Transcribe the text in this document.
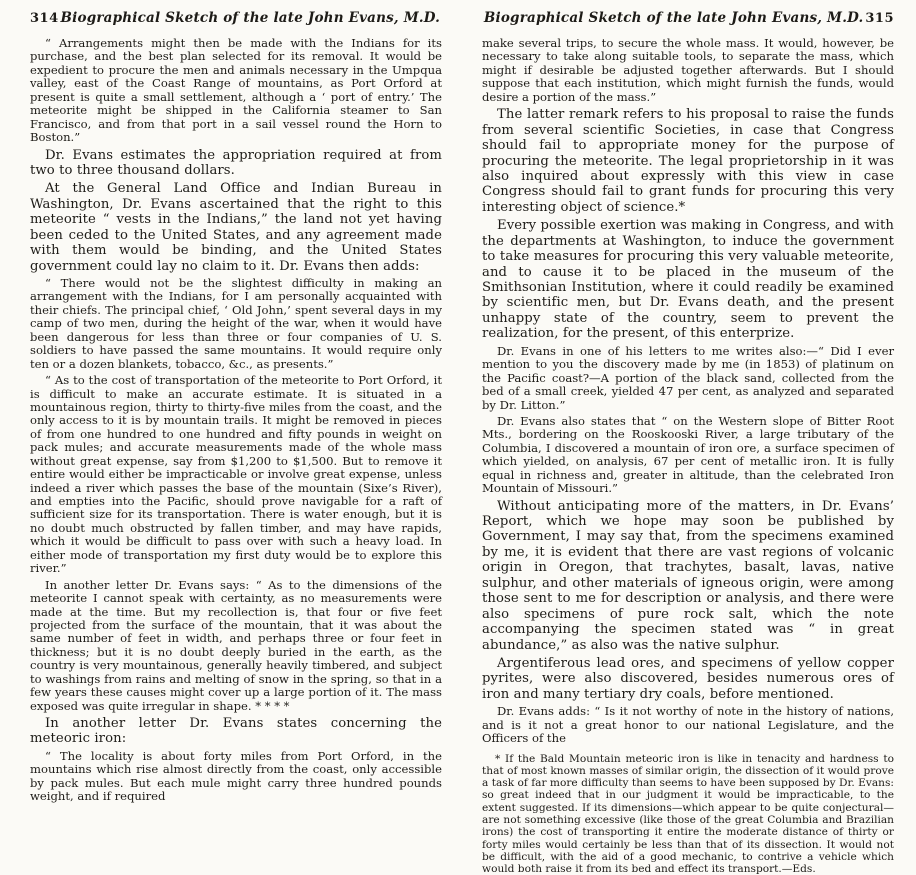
314 Biographical Sketch of the late John Evans, M.D.

“ Arrangements might then be made with the Indians for its purchase, and the best plan selected for its removal. It would be expedient to procure the men and animals necessary in the Umpqua valley, east of the Coast Range of mountains, as Port Orford at present is quite a small settlement, although a ‘ port of entry.’ The meteorite might be shipped in the California steamer to San Francisco, and from that port in a sail vessel round the Horn to Boston.”

Dr. Evans estimates the appropriation required at from two to three thousand dollars.

At the General Land Office and Indian Bureau in Washington, Dr. Evans ascertained that the right to this meteorite “ vests in the Indians,” the land not yet having been ceded to the United States, and any agreement made with them would be binding, and the United States government could lay no claim to it. Dr. Evans then adds:

“ There would not be the slightest difficulty in making an arrangement with the Indians, for I am personally acquainted with their chiefs. The principal chief, ‘ Old John,’ spent several days in my camp of two men, during the height of the war, when it would have been dangerous for less than three or four companies of U. S. soldiers to have passed the same mountains. It would require only ten or a dozen blankets, tobacco, &c., as presents.”

“ As to the cost of transportation of the meteorite to Port Orford, it is difficult to make an accurate estimate. It is situated in a mountainous region, thirty to thirty-five miles from the coast, and the only access to it is by mountain trails. It might be removed in pieces of from one hundred to one hundred and fifty pounds in weight on pack mules; and accurate measurements made of the whole mass without great expense, say from $1,200 to $1,500. But to remove it entire would either be impracticable or involve great expense, unless indeed a river which passes the base of the mountain (Sixe’s River), and empties into the Pacific, should prove navigable for a raft of sufficient size for its transportation. There is water enough, but it is no doubt much obstructed by fallen timber, and may have rapids, which it would be difficult to pass over with such a heavy load. In either mode of transportation my first duty would be to explore this river.”

In another letter Dr. Evans says: “ As to the dimensions of the meteorite I cannot speak with certainty, as no measurements were made at the time. But my recollection is, that four or five feet projected from the surface of the mountain, that it was about the same number of feet in width, and perhaps three or four feet in thickness; but it is no doubt deeply buried in the earth, as the country is very mountainous, generally heavily timbered, and subject to washings from rains and melting of snow in the spring, so that in a few years these causes might cover up a large portion of it. The mass exposed was quite irregular in shape. * * * *

In another letter Dr. Evans states concerning the meteoric iron:

“ The locality is about forty miles from Port Orford, in the mountains which rise almost directly from the coast, only accessible by pack mules. But each mule might carry three hundred pounds weight, and if required

Biographical Sketch of the late John Evans, M.D. 315

make several trips, to secure the whole mass. It would, however, be necessary to take along suitable tools, to separate the mass, which might if desirable be adjusted together afterwards. But I should suppose that each institution, which might furnish the funds, would desire a portion of the mass.”

The latter remark refers to his proposal to raise the funds from several scientific Societies, in case that Congress should fail to appropriate money for the purpose of procuring the meteorite. The legal proprietorship in it was also inquired about expressly with this view in case Congress should fail to grant funds for procuring this very interesting object of science.*

Every possible exertion was making in Congress, and with the departments at Washington, to induce the government to take measures for procuring this very valuable meteorite, and to cause it to be placed in the museum of the Smithsonian Institution, where it could readily be examined by scientific men, but Dr. Evans death, and the present unhappy state of the country, seem to prevent the realization, for the present, of this enterprize.

Dr. Evans in one of his letters to me writes also:—“ Did I ever mention to you the discovery made by me (in 1853) of platinum on the Pacific coast?—A portion of the black sand, collected from the bed of a small creek, yielded 47 per cent, as analyzed and separated by Dr. Litton.”

Dr. Evans also states that “ on the Western slope of Bitter Root Mts., bordering on the Rooskooski River, a large tributary of the Columbia, I discovered a mountain of iron ore, a surface specimen of which yielded, on analysis, 67 per cent of metallic iron. It is fully equal in richness and, greater in altitude, than the celebrated Iron Mountain of Missouri.”

Without anticipating more of the matters, in Dr. Evans’ Report, which we hope may soon be published by Government, I may say that, from the specimens examined by me, it is evident that there are vast regions of volcanic origin in Oregon, that trachytes, basalt, lavas, native sulphur, and other materials of igneous origin, were among those sent to me for description or analysis, and there were also specimens of pure rock salt, which the note accompanying the specimen stated was “ in great abundance,” as also was the native sulphur.

Argentiferous lead ores, and specimens of yellow copper pyrites, were also discovered, besides numerous ores of iron and many tertiary dry coals, before mentioned.

Dr. Evans adds: “ Is it not worthy of note in the history of nations, and is it not a great honor to our national Legislature, and the Officers of the

* If the Bald Mountain meteoric iron is like in tenacity and hardness to that of most known masses of similar origin, the dissection of it would prove a task of far more difficulty than seems to have been supposed by Dr. Evans: so great indeed that in our judgment it would be impracticable, to the extent suggested. If its dimensions—which appear to be quite conjectural—are not something excessive (like those of the great Columbia and Brazilian irons) the cost of transporting it entire the moderate distance of thirty or forty miles would certainly be less than that of its dissection. It would not be difficult, with the aid of a good mechanic, to contrive a vehicle which would both raise it from its bed and effect its transport.—Eds.
